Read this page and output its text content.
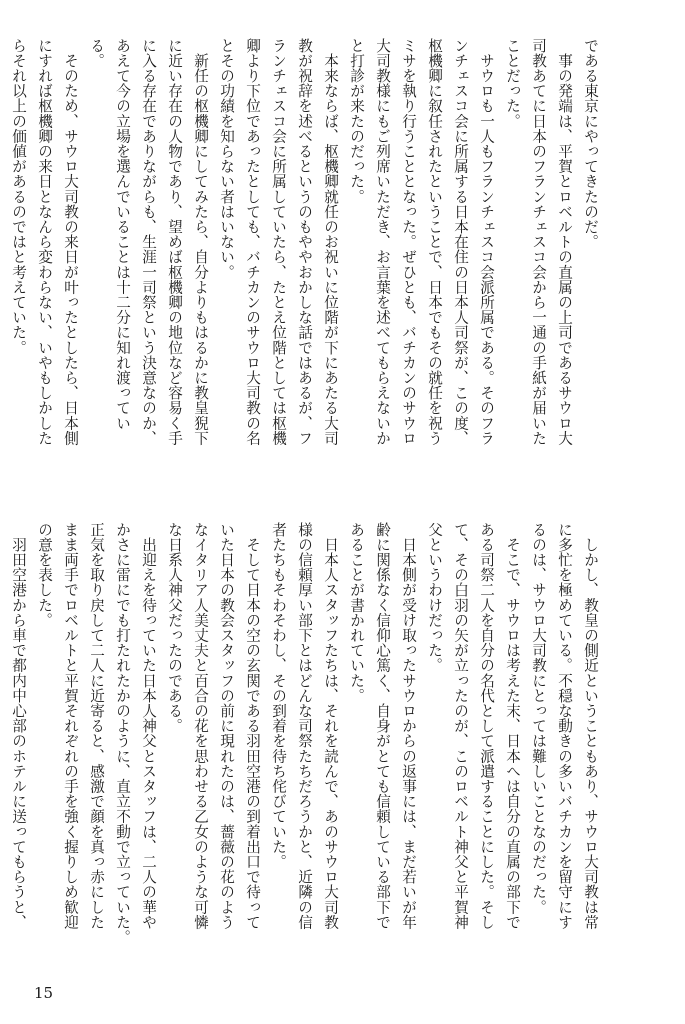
である東京にやってきたのだ。

　事の発端は、平賀とロベルトの直属の上司であるサウロ大

司教あてに日本のフランチェスコ会から一通の手紙が届いた

ことだった。

　サウロも一人もフランチェスコ会派所属である。そのフラ

ンチェスコ会に所属する日本在住の日本人司祭が、この度、

枢機卿に叙任されたということで、日本でもその就任を祝う

ミサを執り行うこととなった。ぜひとも、バチカンのサウロ

大司教様にもご列席いただき、お言葉を述べてもらえないか

と打診が来たのだった。

　本来ならば、枢機卿就任のお祝いに位階が下にあたる大司

教が祝辞を述べるというのもややおかしな話ではあるが、フ

ランチェスコ会に所属していたら、たとえ位階としては枢機

卿より下位であったとしても、バチカンのサウロ大司教の名

とその功績を知らない者はいない。

　新任の枢機卿にしてみたら、自分よりもはるかに教皇猊下

に近い存在の人物であり、望めば枢機卿の地位など容易く手

に入る存在でありながらも、生涯一司祭という決意なのか、

あえて今の立場を選んでいることは十二分に知れ渡ってい

る。

　そのため、サウロ大司教の来日が叶ったとしたら、日本側

にすれば枢機卿の来日となんら変わらない、いやもしかした

らそれ以上の価値があるのではと考えていた。

　しかし、教皇の側近ということもあり、サウロ大司教は常

に多忙を極めている。不穏な動きの多いバチカンを留守にす

るのは、サウロ大司教にとっては難しいことなのだった。

　そこで、サウロは考えた末、日本へは自分の直属の部下で

ある司祭二人を自分の名代として派遣することにした。そし

て、その白羽の矢が立ったのが、このロベルト神父と平賀神

父というわけだった。

　日本側が受け取ったサウロからの返事には、まだ若いが年

齢に関係なく信仰心篤く、自身がとても信頼している部下で

あることが書かれていた。

　日本人スタッフたちは、それを読んで、あのサウロ大司教

様の信頼厚い部下とはどんな司祭たちだろうかと、近隣の信

者たちもそわそわし、その到着を待ち侘びていた。

　そして日本の空の玄関である羽田空港の到着出口で待って

いた日本の教会スタッフの前に現れたのは、薔薇の花のよう

なイタリア人美丈夫と百合の花を思わせる乙女のような可憐

な日系人神父だったのである。

　出迎えを待っていた日本人神父とスタッフは、二人の華や

かさに雷にでも打たれたかのように、直立不動で立っていた。

正気を取り戻して二人に近寄ると、感激で顔を真っ赤にした

まま両手でロベルトと平賀それぞれの手を強く握りしめ歓迎

の意を表した。

　羽田空港から車で都内中心部のホテルに送ってもらうと、

15
